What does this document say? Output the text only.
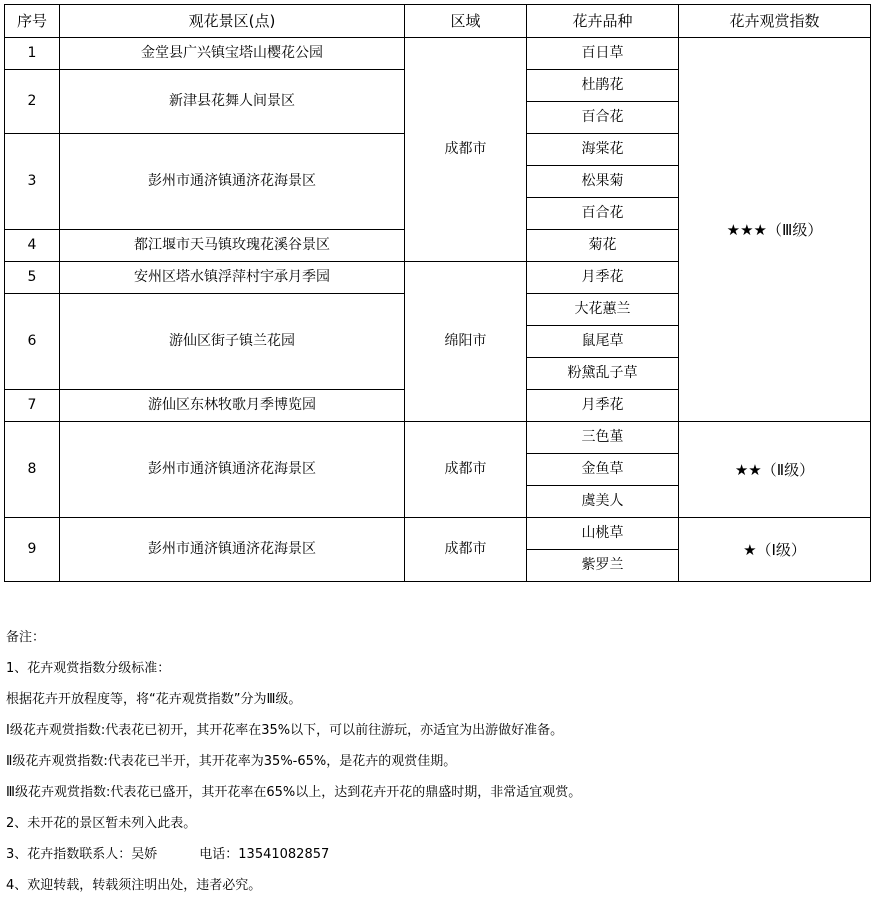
序号	观花景区(点)	区域	花卉品种	花卉观赏指数
1	金堂县广兴镇宝塔山樱花公园	成都市	百日草	★★★（Ⅲ级）
2	新津县花舞人间景区		杜鹃花	
			百合花	
3	彭州市通济镇通济花海景区		海棠花	
			松果菊	
			百合花	
4	都江堰市天马镇玫瑰花溪谷景区		菊花	
5	安州区塔水镇浮萍村宇承月季园	绵阳市	月季花	
6	游仙区街子镇兰花园		大花蕙兰	
			鼠尾草	
			粉黛乱子草	
7	游仙区东林牧歌月季博览园		月季花	
8	彭州市通济镇通济花海景区	成都市	三色堇	★★（Ⅱ级）
			金鱼草	
			虞美人	
9	彭州市通济镇通济花海景区	成都市	山桃草	★（Ⅰ级）
			紫罗兰	
备注：
1、花卉观赏指数分级标准：
根据花卉开放程度等，将“花卉观赏指数”分为Ⅲ级。
Ⅰ级花卉观赏指数:代表花已初开，其开花率在35%以下，可以前往游玩，亦适宜为出游做好准备。
Ⅱ级花卉观赏指数:代表花已半开，其开花率为35%-65%，是花卉的观赏佳期。
Ⅲ级花卉观赏指数:代表花已盛开，其开花率在65%以上，达到花卉开花的鼎盛时期，非常适宜观赏。
2、未开花的景区暂未列入此表。
3、花卉指数联系人：吴娇	电话：13541082857
4、欢迎转载，转载须注明出处，违者必究。
